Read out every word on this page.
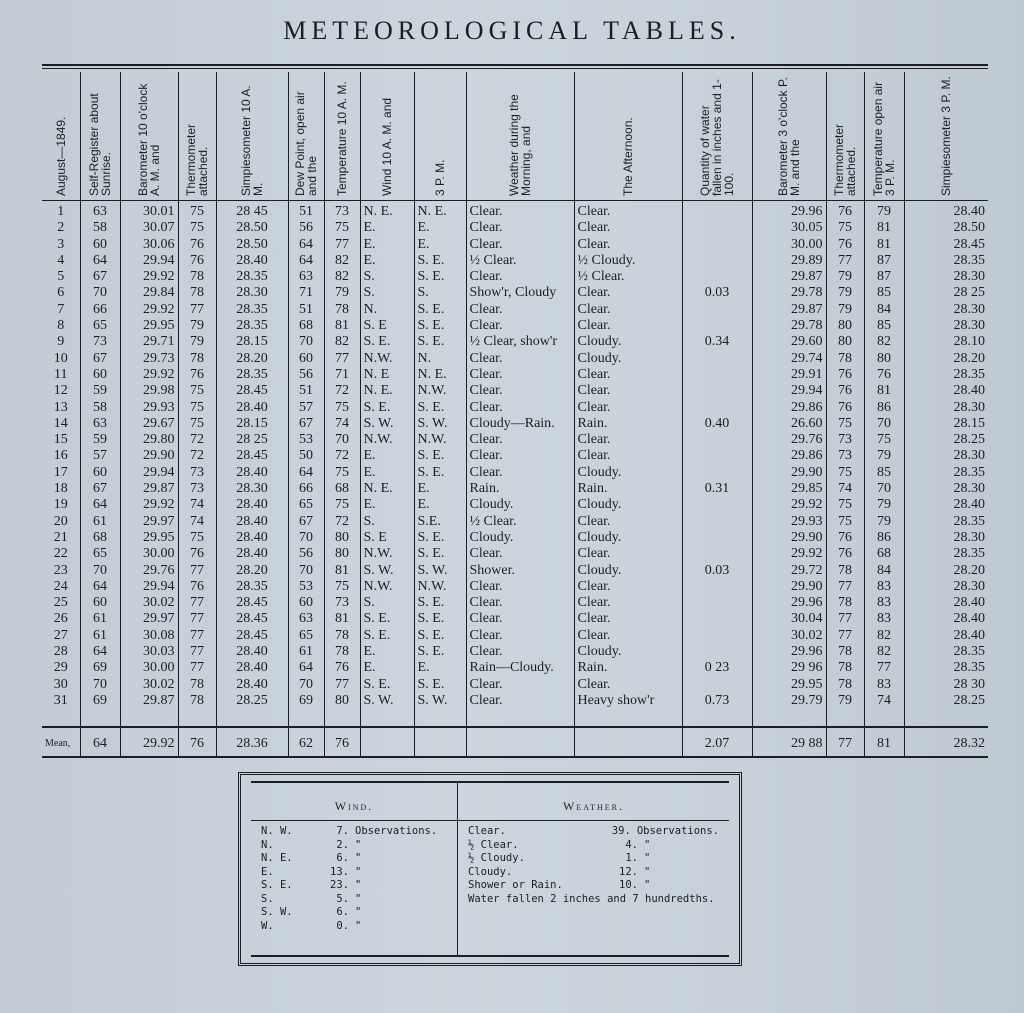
METEOROLOGICAL TABLES.
August—1849.	Self-Register about Sunrise.	Barometer 10 o'clock A. M. and	Thermometer attached.	Simpiesometer 10 A. M.	Dew Point, open air and the	Temperature 10 A. M.	Wind 10 A. M. and	3 P. M.	Weather during the Morning, and	The Afternoon.	Quantity of water fallen in inches and 1-100.	Barometer 3 o'clock P. M. and the	Thermometer attached.	Temperature open air 3 P. M.	Simpiesometer 3 P. M.

1	63	30.01	75	28 45	51	73	N. E.	N. E.	Clear.	Clear.		29.96	76	79	28.40
2	58	30.07	75	28.50	56	75	E.	E.	Clear.	Clear.		30.05	75	81	28.50
3	60	30.06	76	28.50	64	77	E.	E.	Clear.	Clear.		30.00	76	81	28.45
4	64	29.94	76	28.40	64	82	E.	S. E.	½ Clear.	½ Cloudy.		29.89	77	87	28.35
5	67	29.92	78	28.35	63	82	S.	S. E.	Clear.	½ Clear.		29.87	79	87	28.30
6	70	29.84	78	28.30	71	79	S.	S.	Show'r, Cloudy	Clear.	0.03	29.78	79	85	28 25
7	66	29.92	77	28.35	51	78	N.	S. E.	Clear.	Clear.		29.87	79	84	28.30
8	65	29.95	79	28.35	68	81	S. E	S. E.	Clear.	Clear.		29.78	80	85	28.30
9	73	29.71	79	28.15	70	82	S. E.	S. E.	½ Clear, show'r	Cloudy.	0.34	29.60	80	82	28.10
10	67	29.73	78	28.20	60	77	N.W.	N.	Clear.	Cloudy.		29.74	78	80	28.20
11	60	29.92	76	28.35	56	71	N. E	N. E.	Clear.	Clear.		29.91	76	76	28.35
12	59	29.98	75	28.45	51	72	N. E.	N.W.	Clear.	Clear.		29.94	76	81	28.40
13	58	29.93	75	28.40	57	75	S. E.	S. E.	Clear.	Clear.		29.86	76	86	28.30
14	63	29.67	75	28.15	67	74	S. W.	S. W.	Cloudy—Rain.	Rain.	0.40	26.60	75	70	28.15
15	59	29.80	72	28 25	53	70	N.W.	N.W.	Clear.	Clear.		29.76	73	75	28.25
16	57	29.90	72	28.45	50	72	E.	S. E.	Clear.	Clear.		29.86	73	79	28.30
17	60	29.94	73	28.40	64	75	E.	S. E.	Clear.	Cloudy.		29.90	75	85	28.35
18	67	29.87	73	28.30	66	68	N. E.	E.	Rain.	Rain.	0.31	29.85	74	70	28.30
19	64	29.92	74	28.40	65	75	E.	E.	Cloudy.	Cloudy.		29.92	75	79	28.40
20	61	29.97	74	28.40	67	72	S.	S.E.	½ Clear.	Clear.		29.93	75	79	28.35
21	68	29.95	75	28.40	70	80	S. E	S. E.	Cloudy.	Cloudy.		29.90	76	86	28.30
22	65	30.00	76	28.40	56	80	N.W.	S. E.	Clear.	Clear.		29.92	76	68	28.35
23	70	29.76	77	28.20	70	81	S. W.	S. W.	Shower.	Cloudy.	0.03	29.72	78	84	28.20
24	64	29.94	76	28.35	53	75	N.W.	N.W.	Clear.	Clear.		29.90	77	83	28.30
25	60	30.02	77	28.45	60	73	S.	S. E.	Clear.	Clear.		29.96	78	83	28.40
26	61	29.97	77	28.45	63	81	S. E.	S. E.	Clear.	Clear.		30.04	77	83	28.40
27	61	30.08	77	28.45	65	78	S. E.	S. E.	Clear.	Clear.		30.02	77	82	28.40
28	64	30.03	77	28.40	61	78	E.	S. E.	Clear.	Cloudy.		29.96	78	82	28.35
29	69	30.00	77	28.40	64	76	E.	E.	Rain—Cloudy.	Rain.	0 23	29 96	78	77	28.35
30	70	30.02	78	28.40	70	77	S. E.	S. E.	Clear.	Clear.		29.95	78	83	28 30
31	69	29.87	78	28.25	69	80	S. W.	S. W.	Clear.	Heavy show'r	0.73	29.79	79	74	28.25

Mean,	64	29.92	76	28.36	62	76					2.07	29 88	77	81	28.32
Wind.
N. W.	7. Observations.
N.	2. "
N. E.	6. "
E.	13. "
S. E.	23. "
S.	5. "
S. W.	6. "
W.	0. "
Weather.
Clear.	39. Observations.
½ Clear.	4. "
½ Cloudy.	1. "
Cloudy.	12. "
Shower or Rain.	10. "
Water fallen 2 inches and 7 hundredths.
